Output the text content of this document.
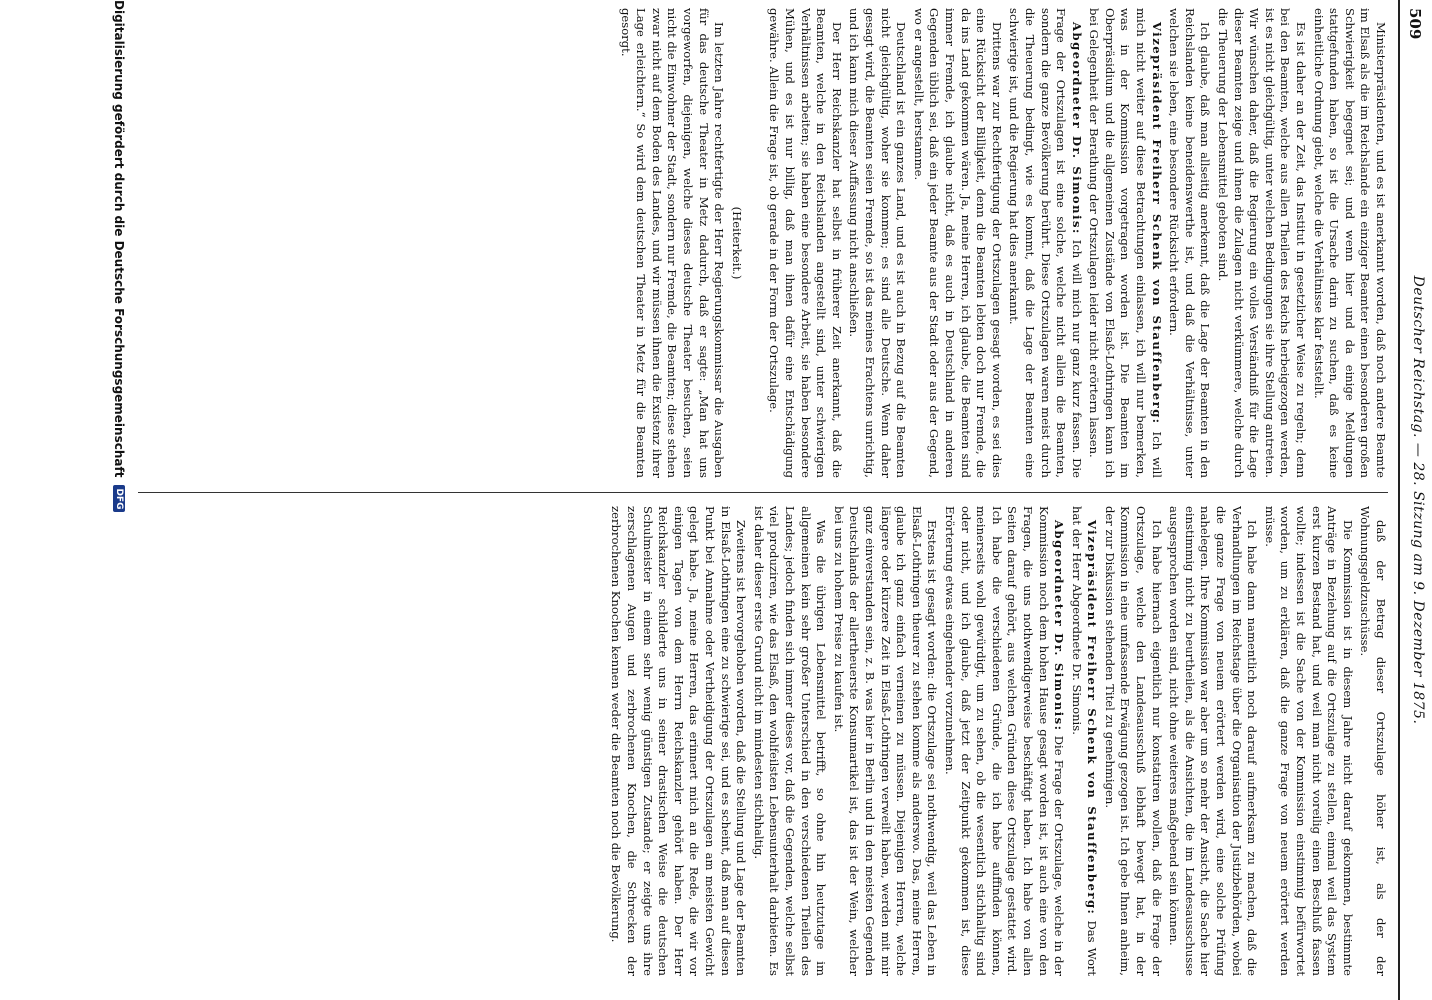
509
Deutscher Reichstag. — 28. Sitzung am 9. Dezember 1875.

Ministerpräsidenten, und es ist anerkannt worden, daß noch andere Beamte im Elsaß als die im Reichslande ein einziger Beamter einen besonderen großen Schwierigkeit begegnet sei; und wenn hier und da einige Meldungen stattgefunden haben, so ist die Ursache darin zu suchen, daß es keine einheitliche Ordnung giebt, welche die Verhältnisse klar feststellt.

Es ist daher an der Zeit, das Institut in gesetzlicher Weise zu regeln; denn bei den Beamten, welche aus allen Theilen des Reichs herbeigezogen werden, ist es nicht gleichgültig, unter welchen Bedingungen sie ihre Stellung antreten. Wir wünschen daher, daß die Regierung ein volles Verständniß für die Lage dieser Beamten zeige und ihnen die Zulagen nicht verkümmere, welche durch die Theuerung der Lebensmittel geboten sind.

Ich glaube, daß man allseitig anerkennt, daß die Lage der Beamten in den Reichslanden keine beneidenswerthe ist, und daß die Verhältnisse, unter welchen sie leben, eine besondere Rücksicht erfordern.

Vizepräsident Freiherr Schenk von Stauffenberg: Ich will mich nicht weiter auf diese Betrachtungen einlassen, ich will nur bemerken, was in der Kommission vorgetragen worden ist. Die Beamten im Oberpräsidium und die allgemeinen Zustände von Elsaß-Lothringen kann ich bei Gelegenheit der Berathung der Ortszulagen leider nicht erörtern lassen.

Abgeordneter Dr. Simonis: Ich will mich nur ganz kurz fassen. Die Frage der Ortszulagen ist eine solche, welche nicht allein die Beamten, sondern die ganze Bevölkerung berührt. Diese Ortszulagen waren meist durch die Theuerung bedingt, wie es kommt, daß die Lage der Beamten eine schwierige ist, und die Regierung hat dies anerkannt.

Drittens war zur Rechtfertigung der Ortszulagen gesagt worden, es sei dies eine Rücksicht der Billigkeit, denn die Beamten lebten doch nur Fremde, die da ins Land gekommen wären. Ja, meine Herren, ich glaube, die Beamten sind immer Fremde, ich glaube nicht, daß es auch in Deutschland in anderen Gegenden üblich sei, daß ein jeder Beamte aus der Stadt oder aus der Gegend, wo er angestellt, herstamme.

Deutschland ist ein ganzes Land, und es ist auch in Bezug auf die Beamten nicht gleichgültig, woher sie kommen; es sind alle Deutsche. Wenn daher gesagt wird, die Beamten seien Fremde, so ist das meines Erachtens unrichtig, und ich kann mich dieser Auffassung nicht anschließen.

Der Herr Reichskanzler hat selbst in früherer Zeit anerkannt, daß die Beamten, welche in den Reichslanden angestellt sind, unter schwierigen Verhältnissen arbeiten; sie haben eine besondere Arbeit, sie haben besondere Mühen, und es ist nur billig, daß man ihnen dafür eine Entschädigung gewähre. Allein die Frage ist, ob gerade in der Form der Ortszulage.

(Heiterkeit.)

Im letzten Jahre rechtfertigte der Herr Regierungskommissar die Ausgaben für das deutsche Theater in Metz dadurch, daß er sagte: „Man hat uns vorgeworfen, diejenigen, welche dieses deutsche Theater besuchen, seien nicht die Einwohner der Stadt, sondern nur Fremde, die Beamten; diese stehen zwar nicht auf dem Boden des Landes, und wir müssen ihnen die Existenz ihrer Lage erleichtern.“ So wird dem deutschen Theater in Metz für die Beamten gesorgt.

daß der Betrag dieser Ortszulage höher ist, als der der Wohnungsgeldzuschüsse.

Die Kommission ist in diesem Jahre nicht darauf gekommen, bestimmte Anträge in Beziehung auf die Ortszulage zu stellen, einmal weil das System erst kurzen Bestand hat, und weil man nicht voreilig einen Beschluß fassen wollte; indessen ist die Sache von der Kommission einstimmig befürwortet worden, um zu erklären, daß die ganze Frage von neuem erörtert werden müsse.

Ich habe dann namentlich noch darauf aufmerksam zu machen, daß die Verhandlungen im Reichstage über die Organisation der Justizbehörden, wobei die ganze Frage von neuem erörtert werden wird, eine solche Prüfung nahelegen. Ihre Kommission war aber um so mehr der Ansicht, die Sache hier einstimmig nicht zu beurtheilen, als die Ansichten, die im Landesausschusse ausgesprochen worden sind, nicht ohne weiteres maßgebend sein können.

Ich habe hiernach eigentlich nur konstatiren wollen, daß die Frage der Ortszulage, welche den Landesausschuß lebhaft bewegt hat, in der Kommission in eine umfassende Erwägung gezogen ist. Ich gebe Ihnen anheim, der zur Diskussion stehenden Titel zu genehmigen.

Vizepräsident Freiherr Schenk von Stauffenberg: Das Wort hat der Herr Abgeordnete Dr. Simonis.

Abgeordneter Dr. Simonis: Die Frage der Ortszulage, welche in der Kommission noch dem hohen Hause gesagt worden ist, ist auch eine von den Fragen, die uns nothwendigerweise beschäftigt haben. Ich habe von allen Seiten darauf gehört, aus welchen Gründen diese Ortszulage gestattet wird. Ich habe die verschiedenen Gründe, die ich habe auffinden können, meinerseits wohl gewürdigt, um zu sehen, ob die wesentlich stichhaltig sind oder nicht, und ich glaube, daß jetzt der Zeitpunkt gekommen ist, diese Erörterung etwas eingehender vorzunehmen.

Erstens ist gesagt worden: die Ortszulage sei nothwendig, weil das Leben in Elsaß-Lothringen theurer zu stehen komme als anderswo. Das, meine Herren, glaube ich ganz einfach verneinen zu müssen. Diejenigen Herren, welche längere oder kürzere Zeit in Elsaß-Lothringen verweilt haben, werden mit mir ganz einverstanden sein, z. B. was hier in Berlin und in den meisten Gegenden Deutschlands der allertheuerste Konsumartikel ist, das ist der Wein, welcher bei uns zu hohem Preise zu kaufen ist.

Was die übrigen Lebensmittel betrifft, so ohne hin heutzutage im allgemeinen kein sehr großer Unterschied in den verschiedenen Theilen des Landes; jedoch finden sich immer dieses vor, daß die Gegenden, welche selbst viel produziren, wie das Elsaß, den wohlfeilsten Lebensunterhalt darbieten. Es ist daher dieser erste Grund nicht im mindesten stichhaltig.

Zweitens ist hervorgehoben worden, daß die Stellung und Lage der Beamten in Elsaß-Lothringen eine zu schwierige sei, und es scheint, daß man auf diesen Punkt bei Annahme oder Vertheidigung der Ortszulagen am meisten Gewicht gelegt habe. Ja, meine Herren, das erinnert mich an die Rede, die wir vor einigen Tagen von dem Herrn Reichskanzler gehört haben. Der Herr Reichskanzler schilderte uns in seiner drastischen Weise die deutschen Schulmeister in einem sehr wenig günstigen Zustande; er zeigte uns ihre zerschlagenen Augen und zerbrochenen Knochen, die Schrecken der zerbrochenen Knochen kennen weder die Beamten noch die Bevölkerung.

Digitalisierung gefördert durch die Deutsche Forschungsgemeinschaft
DFG
